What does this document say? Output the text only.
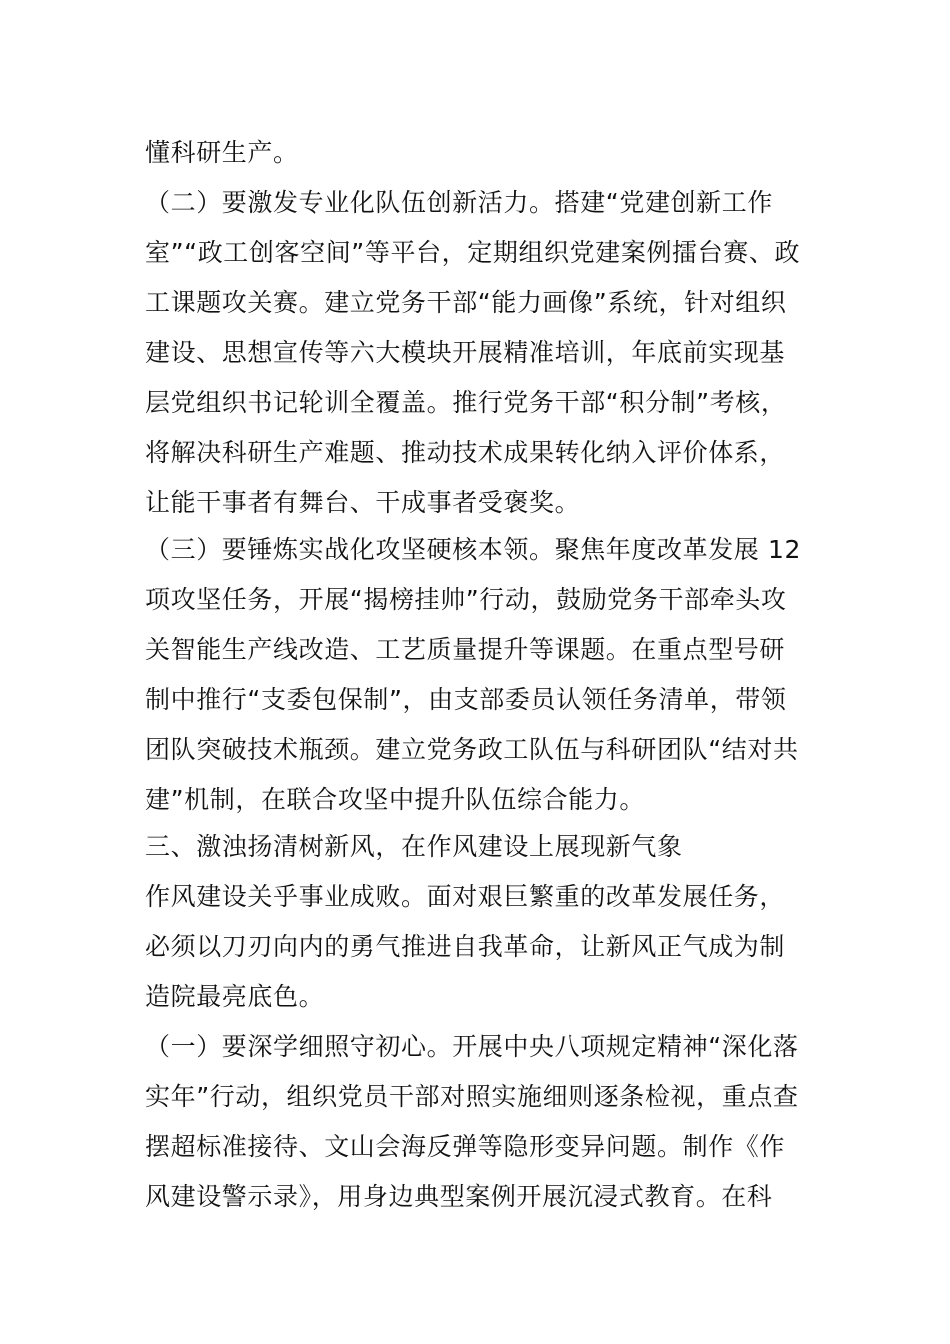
懂科研生产。
（二）要激发专业化队伍创新活力。搭建“党建创新工作
室”“政工创客空间”等平台，定期组织党建案例擂台赛、政
工课题攻关赛。建立党务干部“能力画像”系统，针对组织
建设、思想宣传等六大模块开展精准培训，年底前实现基
层党组织书记轮训全覆盖。推行党务干部“积分制”考核，
将解决科研生产难题、推动技术成果转化纳入评价体系，
让能干事者有舞台、干成事者受褒奖。
（三）要锤炼实战化攻坚硬核本领。聚焦年度改革发展 12
项攻坚任务，开展“揭榜挂帅”行动，鼓励党务干部牵头攻
关智能生产线改造、工艺质量提升等课题。在重点型号研
制中推行“支委包保制”，由支部委员认领任务清单，带领
团队突破技术瓶颈。建立党务政工队伍与科研团队“结对共
建”机制，在联合攻坚中提升队伍综合能力。
三、激浊扬清树新风，在作风建设上展现新气象
作风建设关乎事业成败。面对艰巨繁重的改革发展任务，
必须以刀刃向内的勇气推进自我革命，让新风正气成为制
造院最亮底色。
（一）要深学细照守初心。开展中央八项规定精神“深化落
实年”行动，组织党员干部对照实施细则逐条检视，重点查
摆超标准接待、文山会海反弹等隐形变异问题。制作《作
风建设警示录》，用身边典型案例开展沉浸式教育。在科
